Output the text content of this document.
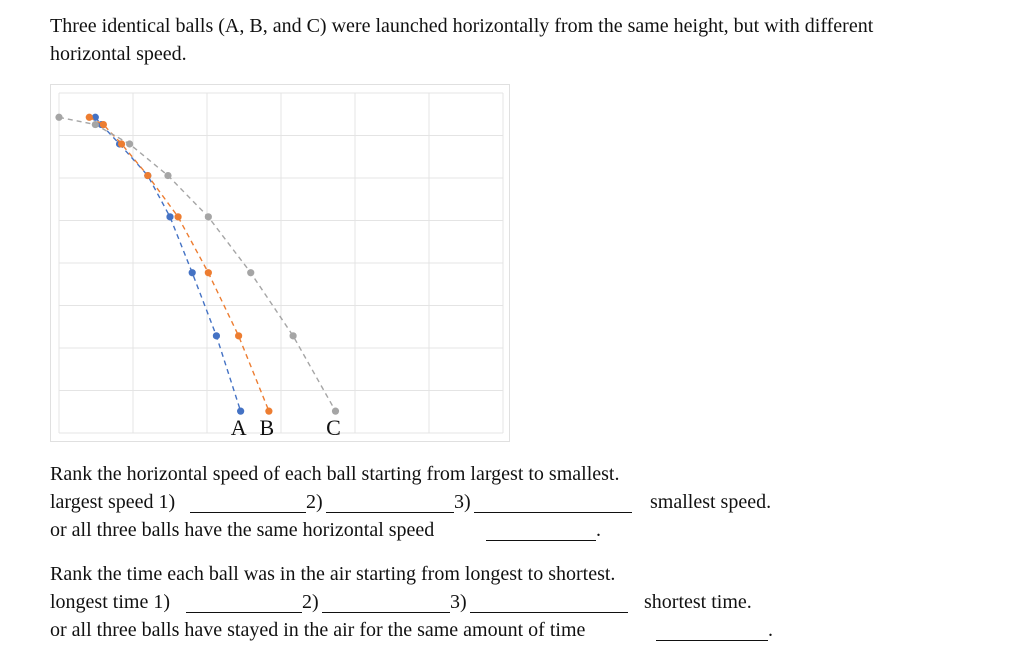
Three identical balls (A, B, and C) were launched horizontally from the same height, but with different horizontal speed.

A B C
Rank the horizontal speed of each ball starting from largest to smallest.
largest speed 1)	2)	3)	smallest speed.
or all three balls have the same horizontal speed	.
Rank the time each ball was in the air starting from longest to shortest.
longest time 1)	2)	3)	shortest time.
or all three balls have stayed in the air for the same amount of time	.
